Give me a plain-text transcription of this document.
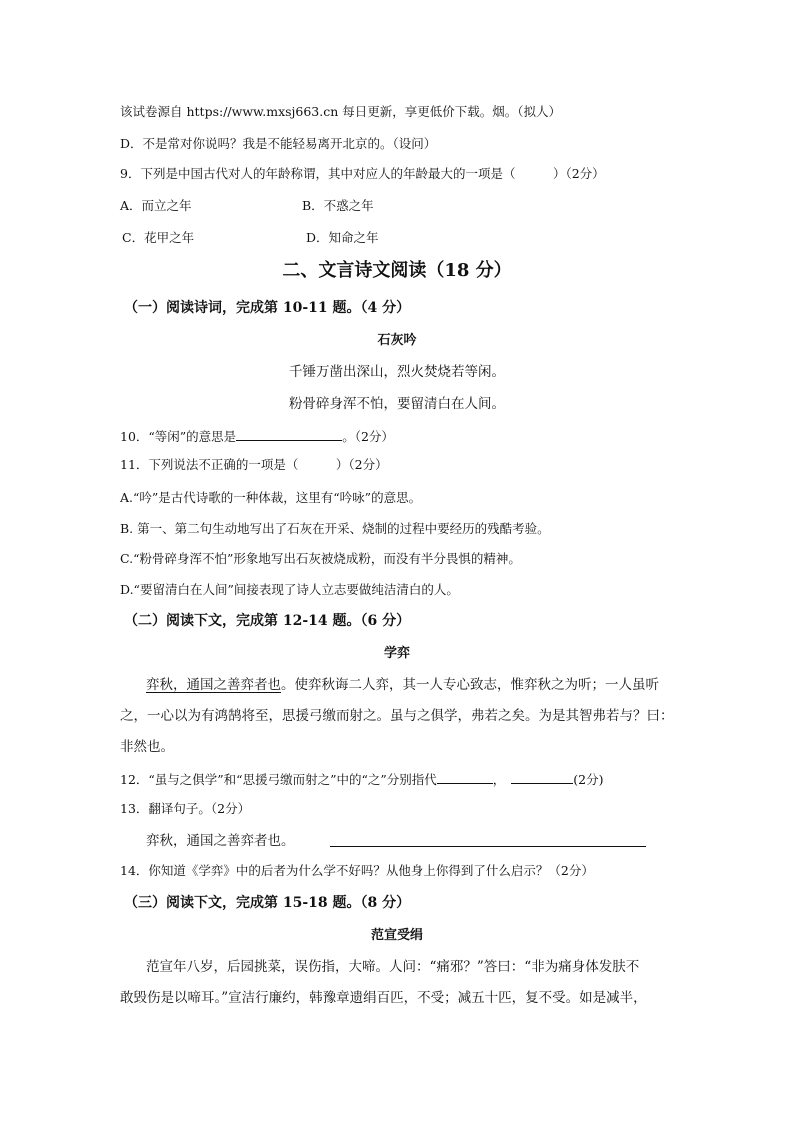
该试卷源自 https://www.mxsj663.cn 每日更新，享更低价下载。烟。（拟人）
D．不是常对你说吗？我是不能轻易离开北京的。（设问）
9．下列是中国古代对人的年龄称谓，其中对应人的年龄最大的一项是（　　　）（2分）
A．而立之年	B．不惑之年
C．花甲之年	D．知命之年
二、文言诗文阅读（18 分）
（一）阅读诗词，完成第 10-11 题。（4 分）
石灰吟
千锤万凿出深山，烈火焚烧若等闲。
粉骨碎身浑不怕，要留清白在人间。
10．“等闲”的意思是	。（2分）
11．下列说法不正确的一项是（　　　）（2分）
A.“吟”是古代诗歌的一种体裁，这里有“吟咏”的意思。
B. 第一、第二句生动地写出了石灰在开采、烧制的过程中要经历的残酷考验。
C.“粉骨碎身浑不怕”形象地写出石灰被烧成粉，而没有半分畏惧的精神。
D.“要留清白在人间”间接表现了诗人立志要做纯洁清白的人。
（二）阅读下文，完成第 12-14 题。（6 分）
学弈
弈秋，通国之善弈者也。使弈秋诲二人弈，其一人专心致志，惟弈秋之为听；一人虽听
之，一心以为有鸿鹄将至，思援弓缴而射之。虽与之俱学，弗若之矣。为是其智弗若与？曰：
非然也。
12．“虽与之俱学”和“思援弓缴而射之”中的“之”分别指代	，	(2分)
13．翻译句子。（2分）
弈秋，通国之善弈者也。
14．你知道《学弈》中的后者为什么学不好吗？从他身上你得到了什么启示？（2分）
（三）阅读下文，完成第 15-18 题。（8 分）
范宣受绢
范宣年八岁，后园挑菜，误伤指，大啼。人问：“痛邪？”答曰：“非为痛身体发肤不
敢毁伤是以啼耳。”宣洁行廉约，韩豫章遗绢百匹，不受；减五十匹，复不受。如是减半，
